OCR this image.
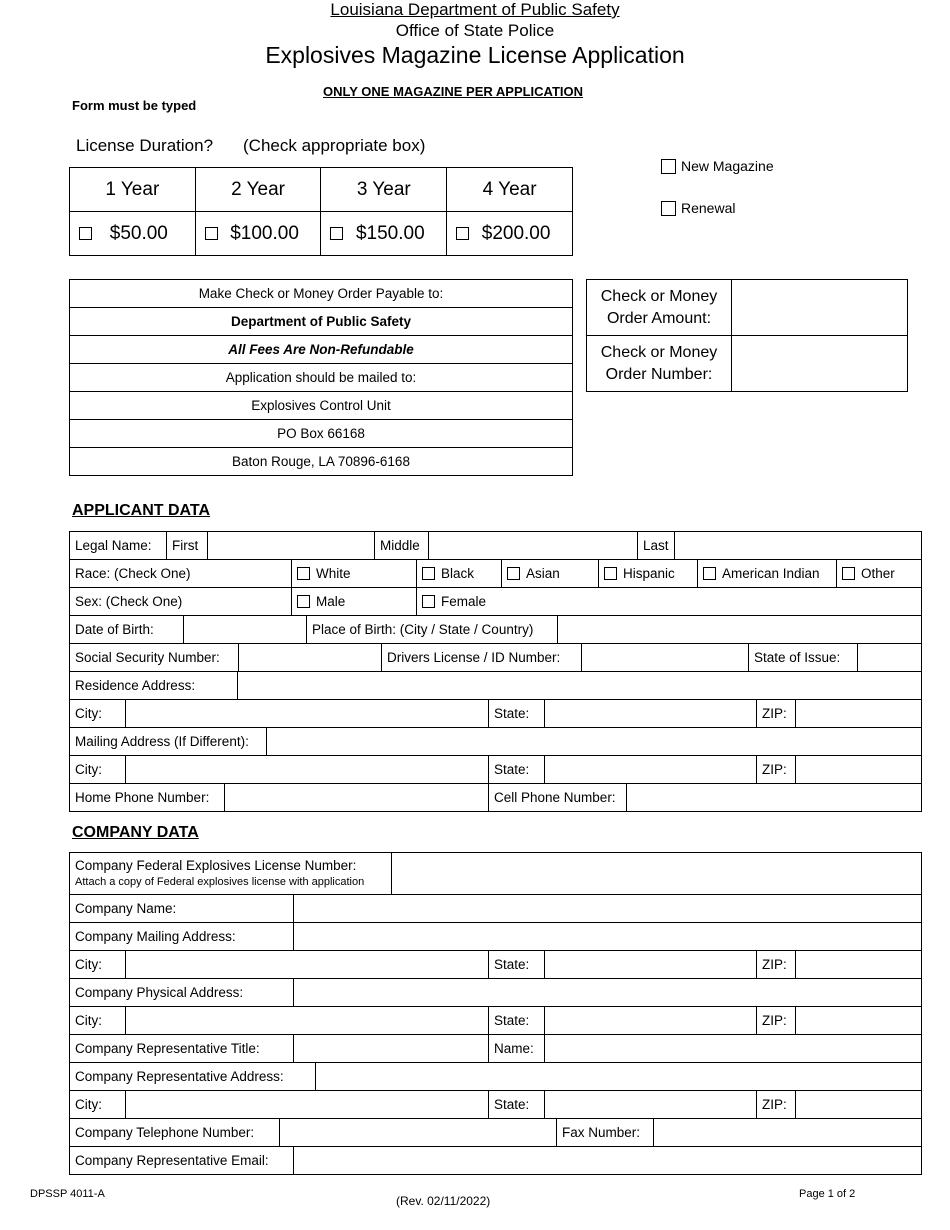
Louisiana Department of Public Safety
Office of State Police
Explosives Magazine License Application
ONLY ONE MAGAZINE PER APPLICATION
Form must be typed
License Duration? (Check appropriate box)
1 Year	2 Year	3 Year	4 Year

$50.00	$100.00	$150.00	$200.00
New Magazine
Renewal
Make Check or Money Order Payable to:
Department of Public Safety
All Fees Are Non-Refundable
Application should be mailed to:
Explosives Control Unit
PO Box 66168
Baton Rouge, LA 70896-6168
Check or Money Order Amount:	
Check or Money Order Number:	
APPLICANT DATA
Legal Name:	First		Middle		Last	
Race: (Check One)	White	Black	Asian	Hispanic	American Indian	Other
Sex: (Check One)	Male	Female
Date of Birth:		Place of Birth: (City / State / Country)	
Social Security Number:		Drivers License / ID Number:		State of Issue:	
Residence Address:	
City:		State:		ZIP:	
Mailing Address (If Different):	
City:		State:		ZIP:	
Home Phone Number:		Cell Phone Number:	
COMPANY DATA
Company Federal Explosives License Number:
Attach a copy of Federal explosives license with application

Company Name:	
Company Mailing Address:	
City:		State:		ZIP:	
Company Physical Address:	
City:		State:		ZIP:	
Company Representative Title:		Name:	
Company Representative Address:	
City:		State:		ZIP:	
Company Telephone Number:		Fax Number:	
Company Representative Email:	
DPSSP 4011-A	(Rev. 02/11/2022)	Page 1 of 2
